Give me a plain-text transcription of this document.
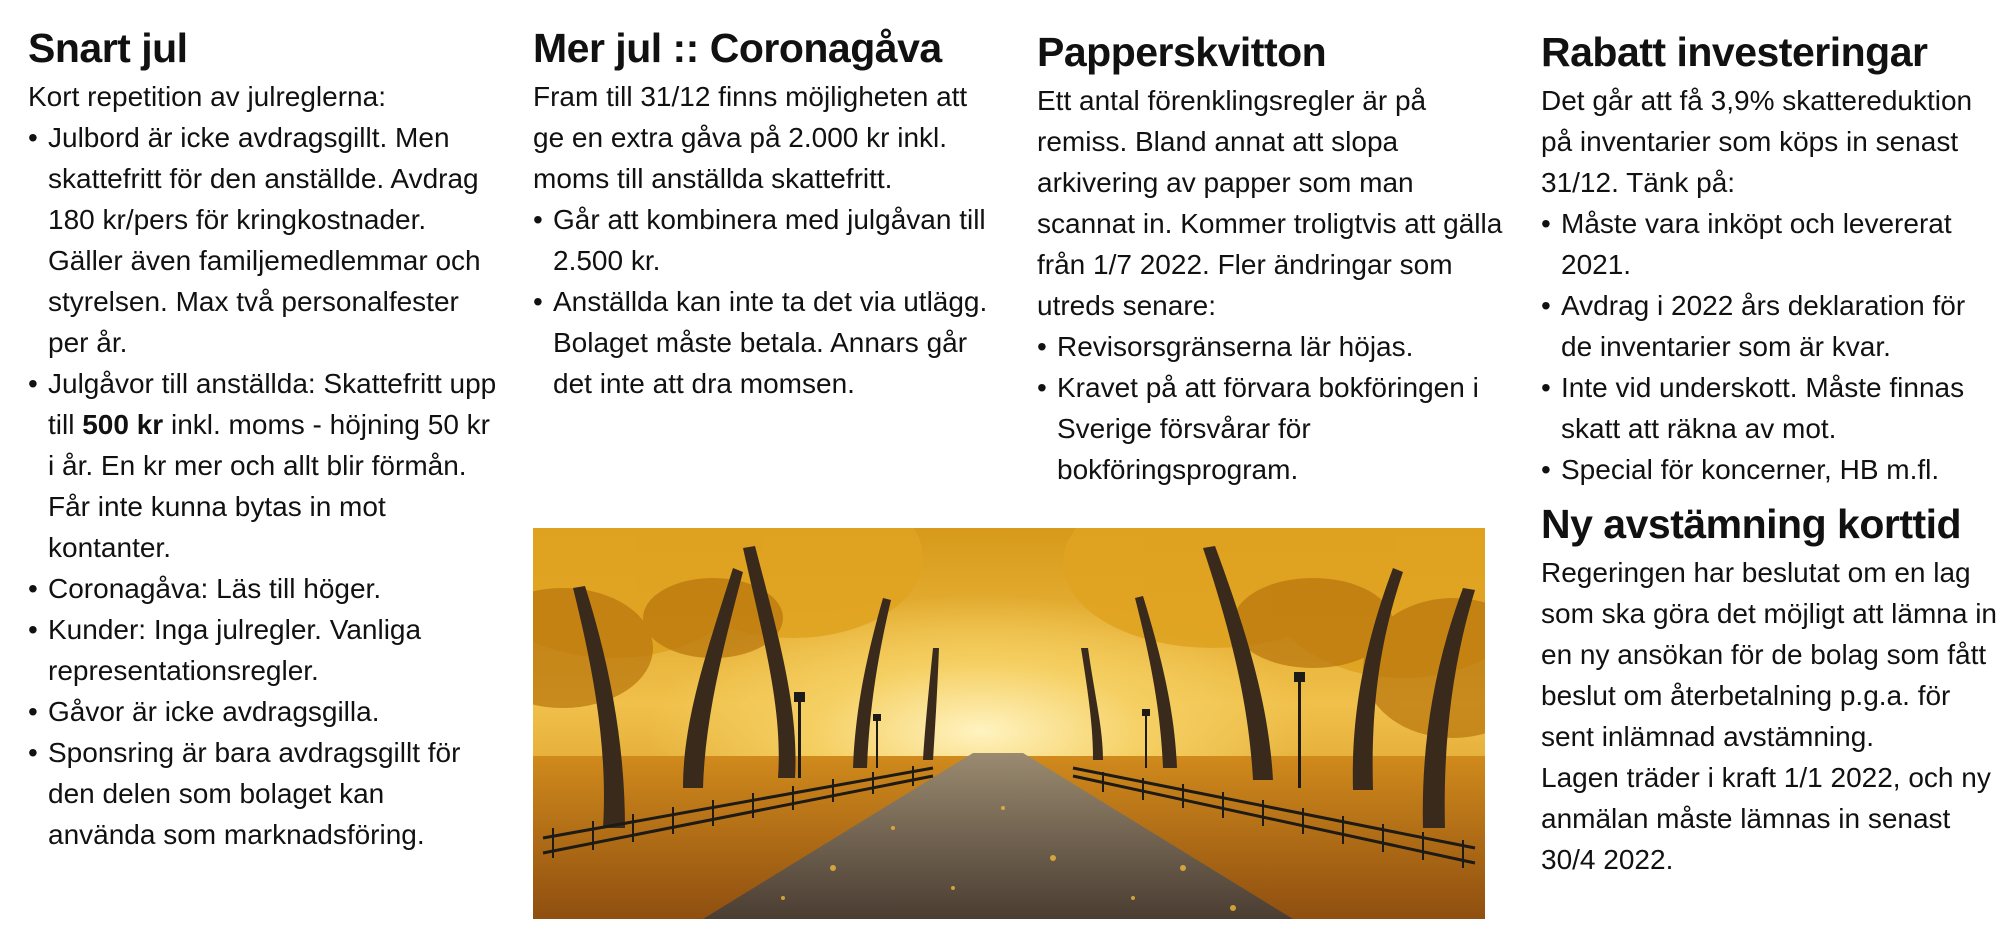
Snart jul

Kort repetition av julreglerna:

• Julbord är icke avdragsgillt. Men skattefritt för den anställde. Avdrag 180 kr/pers för kringkostnader. Gäller även familjemedlemmar och styrelsen. Max två personalfester per år.
• Julgåvor till anställda: Skattefritt upp till 500 kr inkl. moms - höjning 50 kr i år. En kr mer och allt blir förmån. Får inte kunna bytas in mot kontanter.
• Coronagåva: Läs till höger.
• Kunder: Inga julregler. Vanliga representationsregler.
• Gåvor är icke avdragsgilla.
• Sponsring är bara avdragsgillt för den delen som bolaget kan använda som marknadsföring.
Mer jul :: Coronagåva

Fram till 31/12 finns möjligheten att ge en extra gåva på 2.000 kr inkl. moms till anställda skattefritt.

• Går att kombinera med julgåvan till 2.500 kr.
• Anställda kan inte ta det via utlägg. Bolaget måste betala. Annars går det inte att dra momsen.
Papperskvitton

Ett antal förenklingsregler är på remiss. Bland annat att slopa arkivering av papper som man scannat in. Kommer troligtvis att gälla från 1/7 2022. Fler ändringar som utreds senare:

• Revisorsgränserna lär höjas.
• Kravet på att förvara bokföringen i Sverige försvårar för bokföringsprogram.
Rabatt investeringar

Det går att få 3,9% skattereduktion på inventarier som köps in senast 31/12. Tänk på:

• Måste vara inköpt och levererat 2021.
• Avdrag i 2022 års deklaration för de inventarier som är kvar.
• Inte vid underskott. Måste finnas skatt att räkna av mot.
• Special för koncerner, HB m.fl.
Ny avstämning korttid

Regeringen har beslutat om en lag som ska göra det möjligt att lämna in en ny ansökan för de bolag som fått beslut om återbetalning p.g.a. för sent inlämnad avstämning.

Lagen träder i kraft 1/1 2022, och ny anmälan måste lämnas in senast 30/4 2022.
